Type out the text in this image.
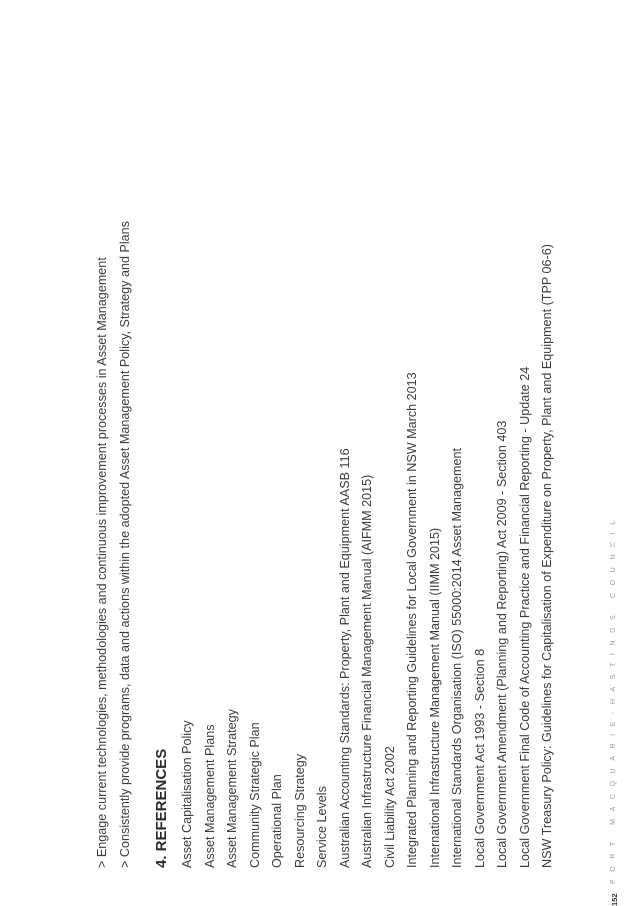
> Engage current technologies, methodologies and continuous improvement processes in Asset Management > Consistently provide programs, data and actions within the adopted Asset Management Policy, Strategy and Plans 4. REFERENCES Asset Capitalisation Policy Asset Management Plans Asset Management Strategy Community Strategic Plan Operational Plan Resourcing Strategy Service Levels Australian Accounting Standards: Property, Plant and Equipment AASB 116 Australian Infrastructure Financial Management Manual (AIFMM 2015) Civil Liability Act 2002 Integrated Planning and Reporting Guidelines for Local Government in NSW March 2013 International Infrastructure Management Manual (IIMM 2015) International Standards Organisation (ISO) 55000:2014 Asset Management Local Government Act 1993 - Section 8 Local Government Amendment (Planning and Reporting) Act 2009 - Section 403 Local Government Final Code of Accounting Practice and Financial Reporting - Update 24 NSW Treasury Policy: Guidelines for Capitalisation of Expenditure on Property, Plant and Equipment (TPP 06-6)
152
PORT MACQUARIE-HASTINGS COUNCIL
